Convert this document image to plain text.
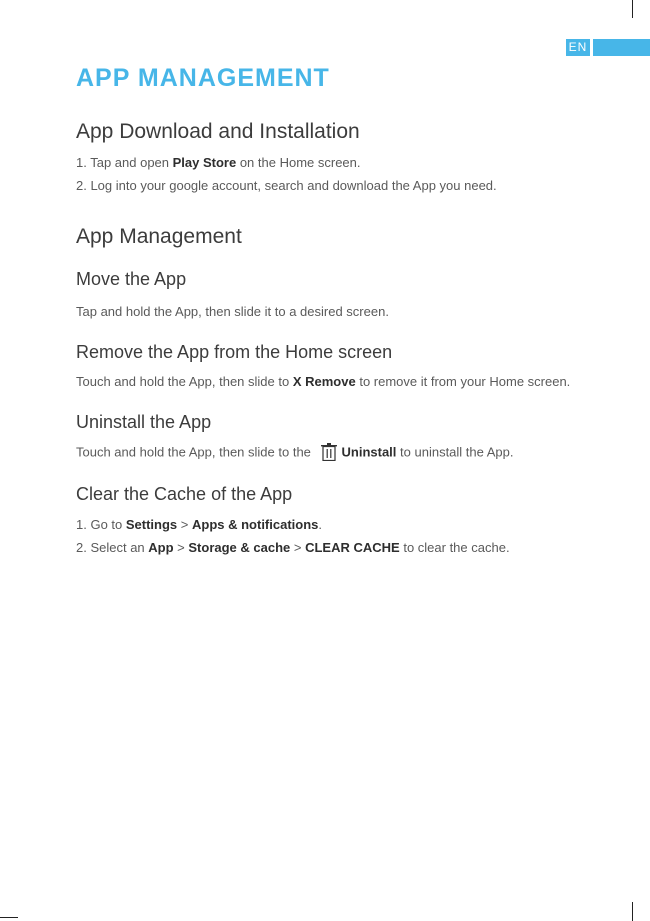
EN
APP MANAGEMENT
App Download and Installation

1. Tap and open Play Store on the Home screen.

2. Log into your google account, search and download the App you need.

App Management
Move the App

Tap and hold the App, then slide it to a desired screen.

Remove the App from the Home screen

Touch and hold the App, then slide to X Remove to remove it from your Home screen.

Uninstall the App

Touch and hold the App, then slide to the Uninstall to uninstall the App.

Clear the Cache of the App

1. Go to Settings > Apps & notifications.

2. Select an App > Storage & cache > CLEAR CACHE to clear the cache.
